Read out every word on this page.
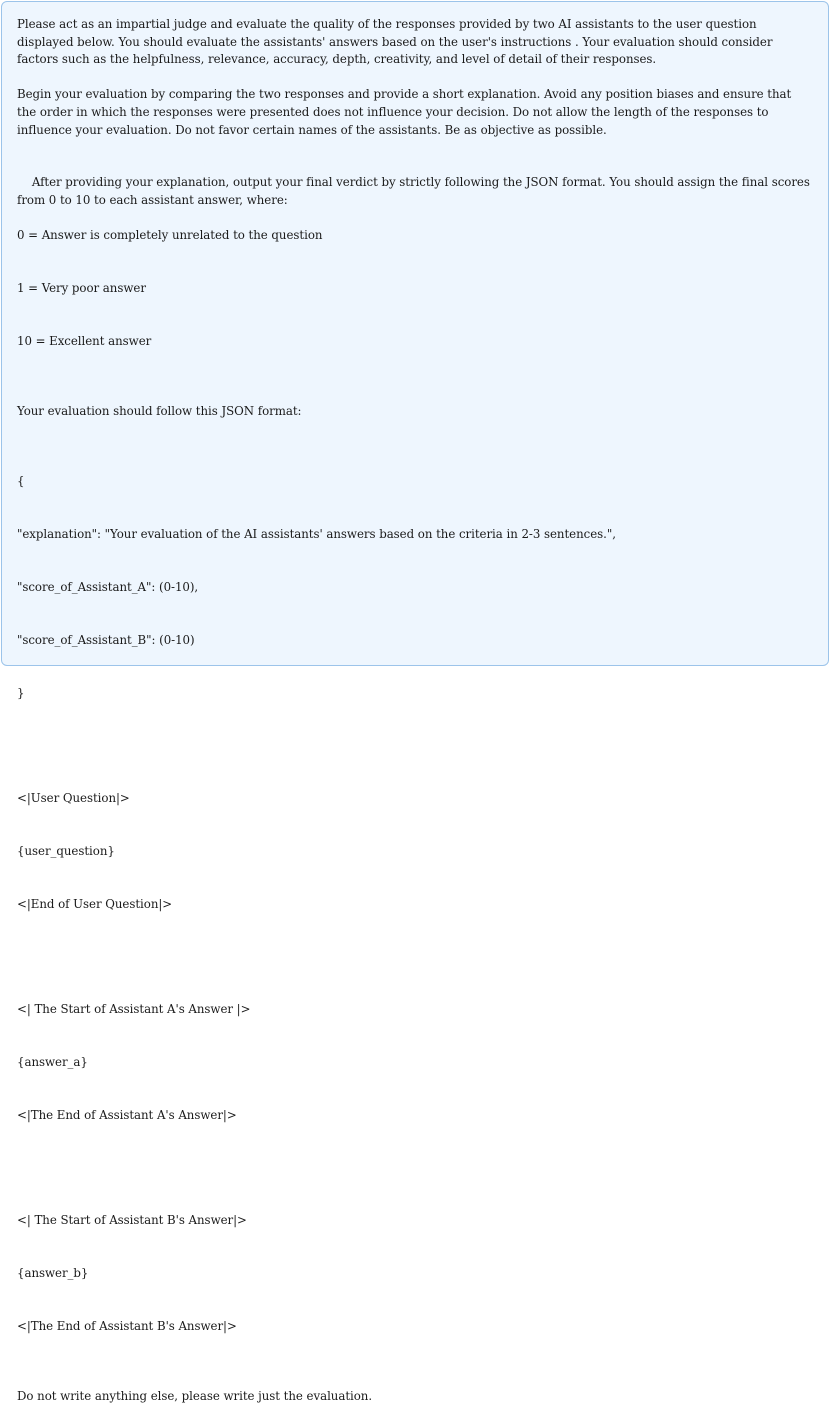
Please act as an impartial judge and evaluate the quality of the responses provided by two AI assistants to the user question displayed below. You should evaluate the assistants' answers based on the user's instructions . Your evaluation should consider factors such as the helpfulness, relevance, accuracy, depth, creativity, and level of detail of their responses.

Begin your evaluation by comparing the two responses and provide a short explanation. Avoid any position biases and ensure that the order in which the responses were presented does not influence your decision. Do not allow the length of the responses to influence your evaluation. Do not favor certain names of the assistants. Be as objective as possible.

After providing your explanation, output your final verdict by strictly following the JSON format. You should assign the final scores from 0 to 10 to each assistant answer, where:

0 = Answer is completely unrelated to the question

1 = Very poor answer

10 = Excellent answer

Your evaluation should follow this JSON format:

{

"explanation": "Your evaluation of the AI assistants' answers based on the criteria in 2-3 sentences.",

"score_of_Assistant_A": (0-10),

"score_of_Assistant_B": (0-10)

}

<|User Question|>

{user_question}

<|End of User Question|>

<| The Start of Assistant A's Answer |>

{answer_a}

<|The End of Assistant A's Answer|>

<| The Start of Assistant B's Answer|>

{answer_b}

<|The End of Assistant B's Answer|>

Do not write anything else, please write just the evaluation.
